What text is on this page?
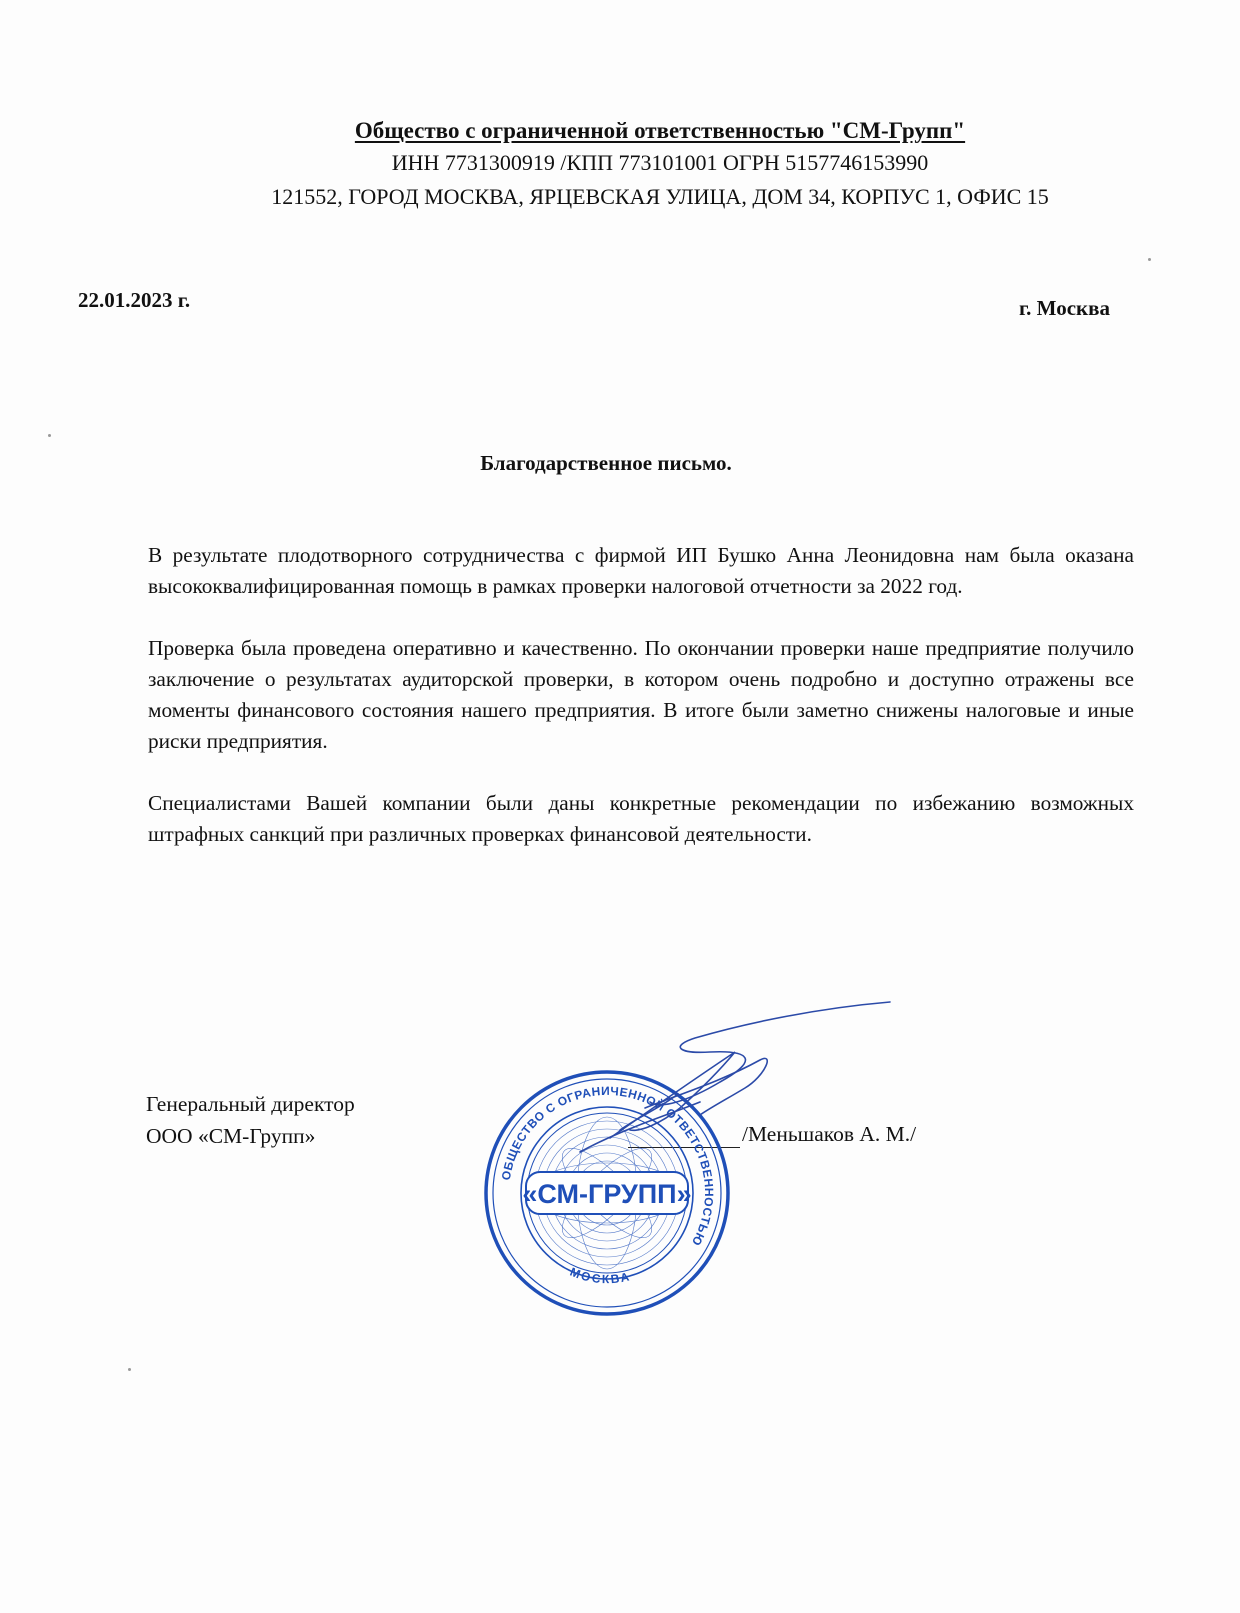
Общество с ограниченной ответственностью "СМ-Групп"
ИНН 7731300919 /КПП 773101001 ОГРН 5157746153990
121552, ГОРОД МОСКВА, ЯРЦЕВСКАЯ УЛИЦА, ДОМ 34, КОРПУС 1, ОФИС 15
22.01.2023 г.	г. Москва
Благодарственное письмо.

В результате плодотворного сотрудничества с фирмой ИП Бушко Анна Леонидовна нам была оказана высококвалифицированная помощь в рамках проверки налоговой отчетности за 2022 год.

Проверка была проведена оперативно и качественно. По окончании проверки наше предприятие получило заключение о результатах аудиторской проверки, в котором очень подробно и доступно отражены все моменты финансового состояния нашего предприятия. В итоге были заметно снижены налоговые и иные риски предприятия.

Специалистами Вашей компании были даны конкретные рекомендации по избежанию возможных штрафных санкций при различных проверках финансовой деятельности.

Генеральный директор
ООО «СМ-Групп»	/Меньшаков А. М./
ОБЩЕСТВО С ОГРАНИЧЕННОЙ ОТВЕТСТВЕННОСТЬЮ
МОСКВА
«СМ-ГРУПП»
